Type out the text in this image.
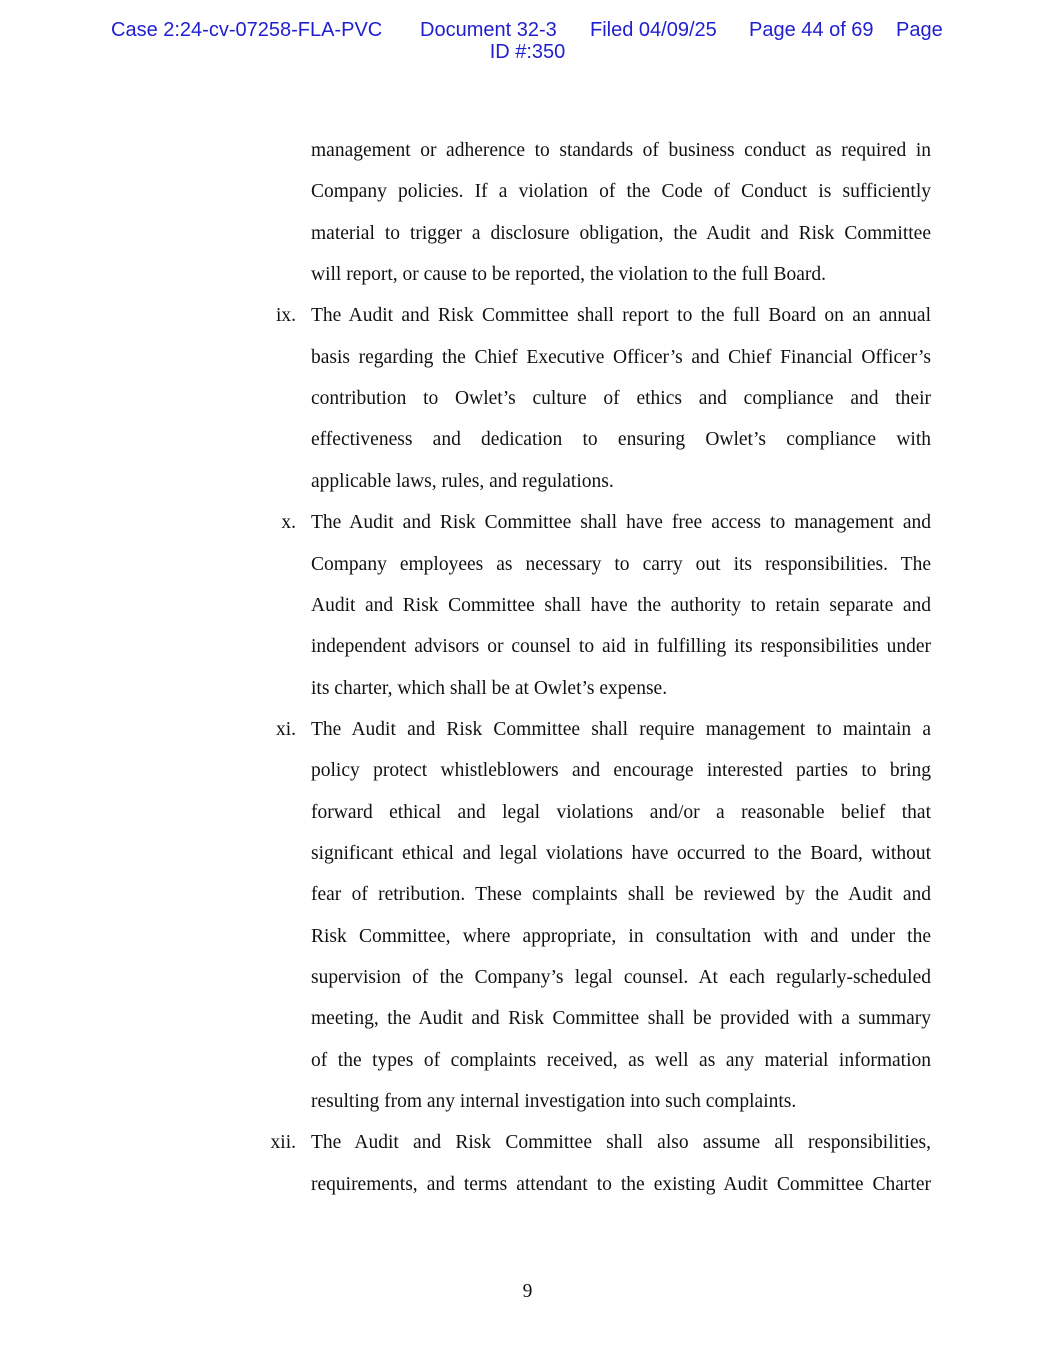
Case 2:24-cv-07258-FLA-PVC Document 32-3 Filed 04/09/25 Page 44 of 69 Page
ID #:350
management or adherence to standards of business conduct as required in
Company policies. If a violation of the Code of Conduct is sufficiently
material to trigger a disclosure obligation, the Audit and Risk Committee
will report, or cause to be reported, the violation to the full Board.
ix. The Audit and Risk Committee shall report to the full Board on an annual
basis regarding the Chief Executive Officer’s and Chief Financial Officer’s
contribution to Owlet’s culture of ethics and compliance and their
effectiveness and dedication to ensuring Owlet’s compliance with
applicable laws, rules, and regulations.
x. The Audit and Risk Committee shall have free access to management and
Company employees as necessary to carry out its responsibilities. The
Audit and Risk Committee shall have the authority to retain separate and
independent advisors or counsel to aid in fulfilling its responsibilities under
its charter, which shall be at Owlet’s expense.
xi. The Audit and Risk Committee shall require management to maintain a
policy protect whistleblowers and encourage interested parties to bring
forward ethical and legal violations and/or a reasonable belief that
significant ethical and legal violations have occurred to the Board, without
fear of retribution. These complaints shall be reviewed by the Audit and
Risk Committee, where appropriate, in consultation with and under the
supervision of the Company’s legal counsel. At each regularly-scheduled
meeting, the Audit and Risk Committee shall be provided with a summary
of the types of complaints received, as well as any material information
resulting from any internal investigation into such complaints.
xii. The Audit and Risk Committee shall also assume all responsibilities,
requirements, and terms attendant to the existing Audit Committee Charter
9
